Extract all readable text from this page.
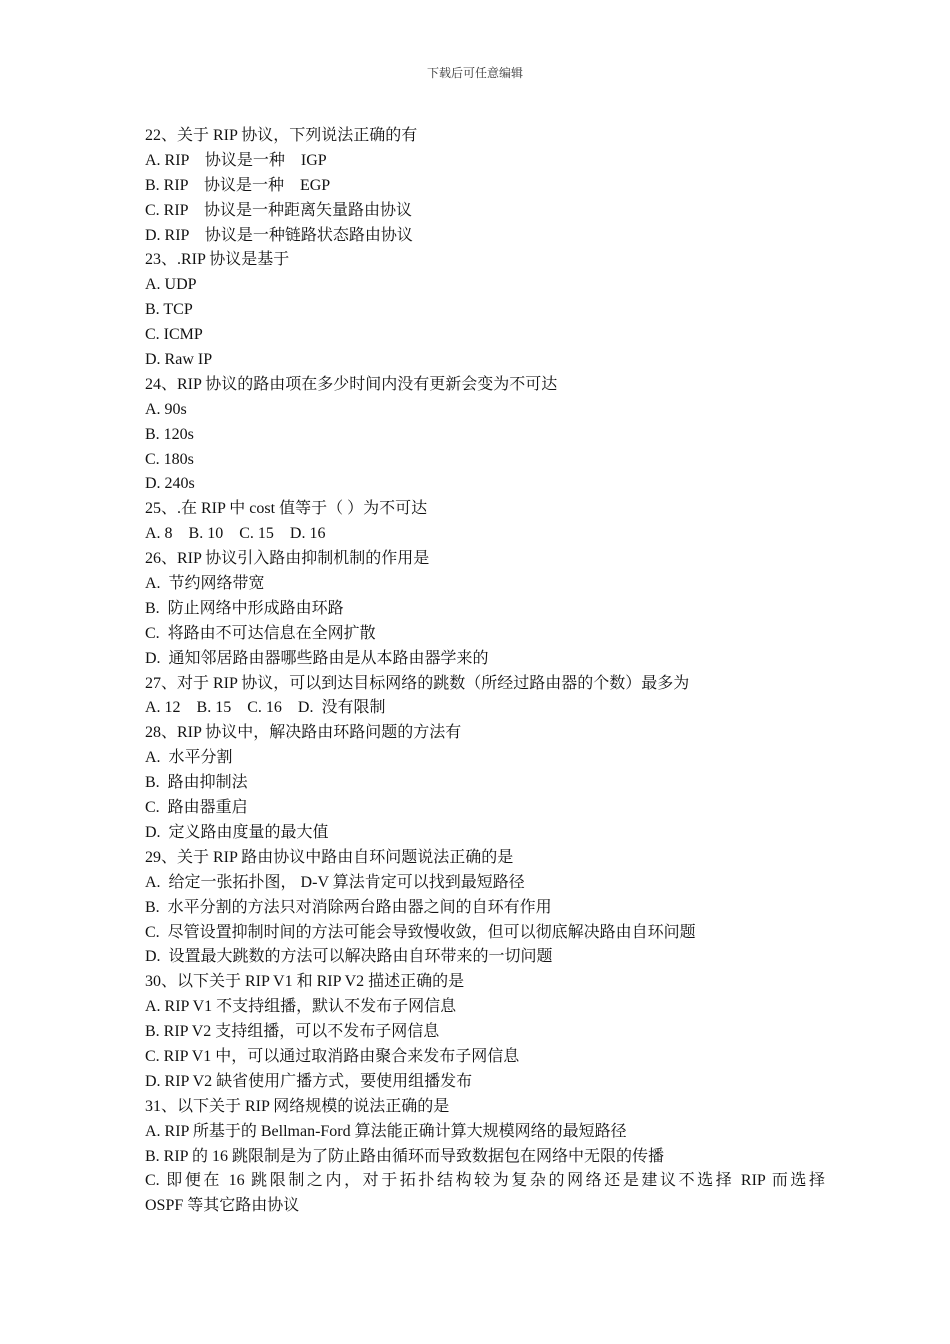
下载后可任意编辑
22、关于 RIP 协议，下列说法正确的有
A. RIP　协议是一种　IGP
B. RIP　协议是一种　EGP
C. RIP　协议是一种距离矢量路由协议
D. RIP　协议是一种链路状态路由协议
23、.RIP 协议是基于
A. UDP
B. TCP
C. ICMP
D. Raw IP
24、RIP 协议的路由项在多少时间内没有更新会变为不可达
A. 90s
B. 120s
C. 180s
D. 240s
25、.在 RIP 中 cost 值等于（ ）为不可达
A. 8　B. 10　C. 15　D. 16
26、RIP 协议引入路由抑制机制的作用是
A.  节约网络带宽
B.  防止网络中形成路由环路
C.  将路由不可达信息在全网扩散
D.  通知邻居路由器哪些路由是从本路由器学来的
27、对于 RIP 协议，可以到达目标网络的跳数（所经过路由器的个数）最多为
A. 12　B. 15　C. 16　D.  没有限制
28、RIP 协议中，解决路由环路问题的方法有
A.  水平分割
B.  路由抑制法
C.  路由器重启
D.  定义路由度量的最大值
29、关于 RIP 路由协议中路由自环问题说法正确的是
A.  给定一张拓扑图， D-V 算法肯定可以找到最短路径
B.  水平分割的方法只对消除两台路由器之间的自环有作用
C.  尽管设置抑制时间的方法可能会导致慢收敛，但可以彻底解决路由自环问题
D.  设置最大跳数的方法可以解决路由自环带来的一切问题
30、以下关于 RIP V1 和 RIP V2 描述正确的是
A. RIP V1 不支持组播，默认不发布子网信息
B. RIP V2 支持组播，可以不发布子网信息
C. RIP V1 中，可以通过取消路由聚合来发布子网信息
D. RIP V2 缺省使用广播方式，要使用组播发布
31、以下关于 RIP 网络规模的说法正确的是
A. RIP 所基于的 Bellman-Ford 算法能正确计算大规模网络的最短路径
B. RIP 的 16 跳限制是为了防止路由循环而导致数据包在网络中无限的传播
C. 即便在 16 跳限制之内，对于拓扑结构较为复杂的网络还是建议不选择 RIP 而选择
OSPF 等其它路由协议
